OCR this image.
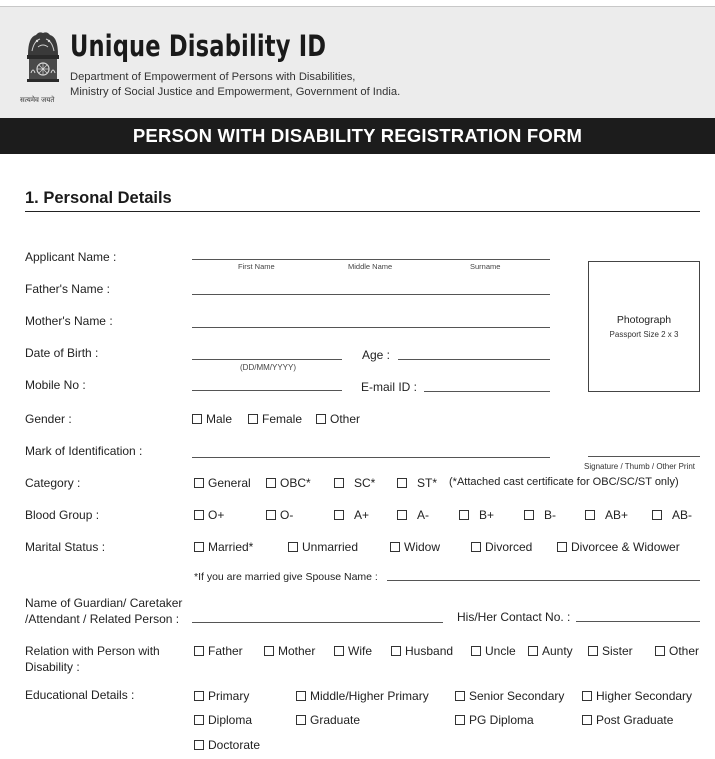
सत्यमेव जयते
Unique Disability ID
Department of Empowerment of Persons with Disabilities,
Ministry of Social Justice and Empowerment, Government of India.
PERSON WITH DISABILITY REGISTRATION FORM
1. Personal Details
Applicant Name :
First Name	Middle Name	Surname
Photograph
Passport Size 2 x 3
Father's Name :
Mother's Name :
Date of Birth :
(DD/MM/YYYY)
Age :
Mobile No :	E-mail ID :
Gender :	Male Female Other
Mark of Identification :
Signature / Thumb / Other Print
Category :	General OBC*	SC*	ST* (*Attached cast certificate for OBC/SC/ST only)
Blood Group :	O+	O-	A+	A-	B+	B-	AB+	AB-
Marital Status :	Married*	Unmarried	Widow	Divorced	Divorcee & Widower
*If you are married give Spouse Name :
Name of Guardian/ Caretaker
/Attendant / Related Person :	His/Her Contact No. :
Relation with Person with
Disability :
Father	Mother	Wife	Husband	Uncle Aunty Sister	Other
Educational Details :	Primary	Middle/Higher Primary	Senior Secondary	Higher Secondary
Diploma	Graduate	PG Diploma	Post Graduate
Doctorate
